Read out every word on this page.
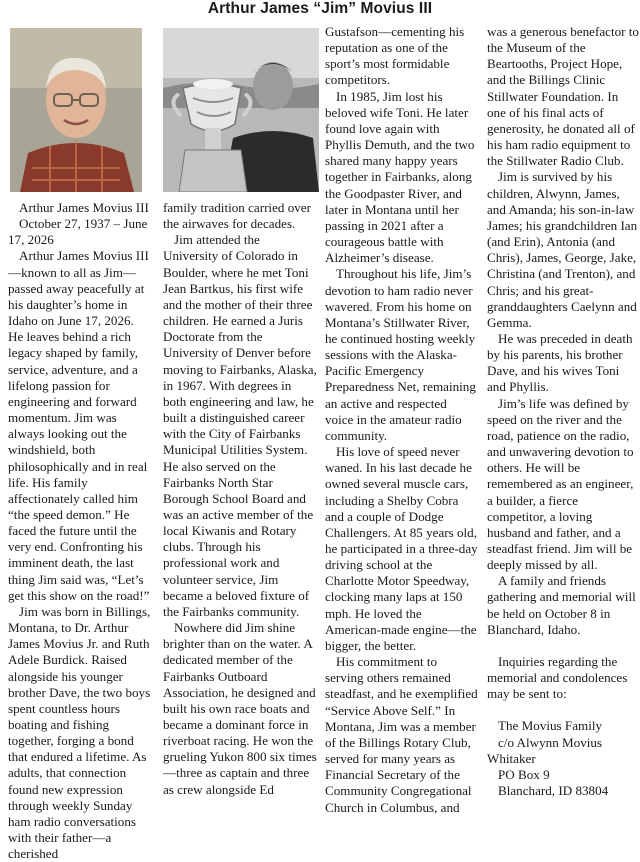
Arthur James “Jim” Movius III

Arthur James Movius III

October 27, 1937 – June 17, 2026

Arthur James Movius III—known to all as Jim—passed away peacefully at his daughter’s home in Idaho on June 17, 2026. He leaves behind a rich legacy shaped by family, service, adventure, and a lifelong passion for engineering and forward momentum. Jim was always looking out the windshield, both philosophically and in real life. His family affectionately called him “the speed demon.” He faced the future until the very end. Confronting his imminent death, the last thing Jim said was, “Let’s get this show on the road!”

Jim was born in Billings, Montana, to Dr. Arthur James Movius Jr. and Ruth Adele Burdick. Raised alongside his younger brother Dave, the two boys spent countless hours boating and fishing together, forging a bond that endured a lifetime. As adults, that connection found new expression through weekly Sunday ham radio conversations with their father—a cherished

family tradition carried over the airwaves for decades.

Jim attended the University of Colorado in Boulder, where he met Toni Jean Bartkus, his first wife and the mother of their three children. He earned a Juris Doctorate from the University of Denver before moving to Fairbanks, Alaska, in 1967. With degrees in both engineering and law, he built a distinguished career with the City of Fairbanks Municipal Utilities System. He also served on the Fairbanks North Star Borough School Board and was an active member of the local Kiwanis and Rotary clubs. Through his professional work and volunteer service, Jim became a beloved fixture of the Fairbanks community.

Nowhere did Jim shine brighter than on the water. A dedicated member of the Fairbanks Outboard Association, he designed and built his own race boats and became a dominant force in riverboat racing. He won the grueling Yukon 800 six times—three as captain and three as crew alongside Ed

Gustafson—cementing his reputation as one of the sport’s most formidable competitors.

In 1985, Jim lost his beloved wife Toni. He later found love again with Phyllis Demuth, and the two shared many happy years together in Fairbanks, along the Goodpaster River, and later in Montana until her passing in 2021 after a courageous battle with Alzheimer’s disease.

Throughout his life, Jim’s devotion to ham radio never wavered. From his home on Montana’s Stillwater River, he continued hosting weekly sessions with the Alaska-Pacific Emergency Preparedness Net, remaining an active and respected voice in the amateur radio community.

His love of speed never waned. In his last decade he owned several muscle cars, including a Shelby Cobra and a couple of Dodge Challengers. At 85 years old, he participated in a three-day driving school at the Charlotte Motor Speedway, clocking many laps at 150 mph. He loved the American-made engine—the bigger, the better.

His commitment to serving others remained steadfast, and he exemplified “Service Above Self.” In Montana, Jim was a member of the Billings Rotary Club, served for many years as Financial Secretary of the Community Congregational Church in Columbus, and

was a generous benefactor to the Museum of the Beartooths, Project Hope, and the Billings Clinic Stillwater Foundation. In one of his final acts of generosity, he donated all of his ham radio equipment to the Stillwater Radio Club.

Jim is survived by his children, Alwynn, James, and Amanda; his son-in-law James; his grandchildren Ian (and Erin), Antonia (and Chris), James, George, Jake, Christina (and Trenton), and Chris; and his great-granddaughters Caelynn and Gemma.

He was preceded in death by his parents, his brother Dave, and his wives Toni and Phyllis.

Jim’s life was defined by speed on the river and the road, patience on the radio, and unwavering devotion to others. He will be remembered as an engineer, a builder, a fierce competitor, a loving husband and father, and a steadfast friend. Jim will be deeply missed by all.

A family and friends gathering and memorial will be held on October 8 in Blanchard, Idaho.

Inquiries regarding the memorial and condolences may be sent to:

The Movius Family

c/o Alwynn Movius Whitaker

PO Box 9

Blanchard, ID 83804
